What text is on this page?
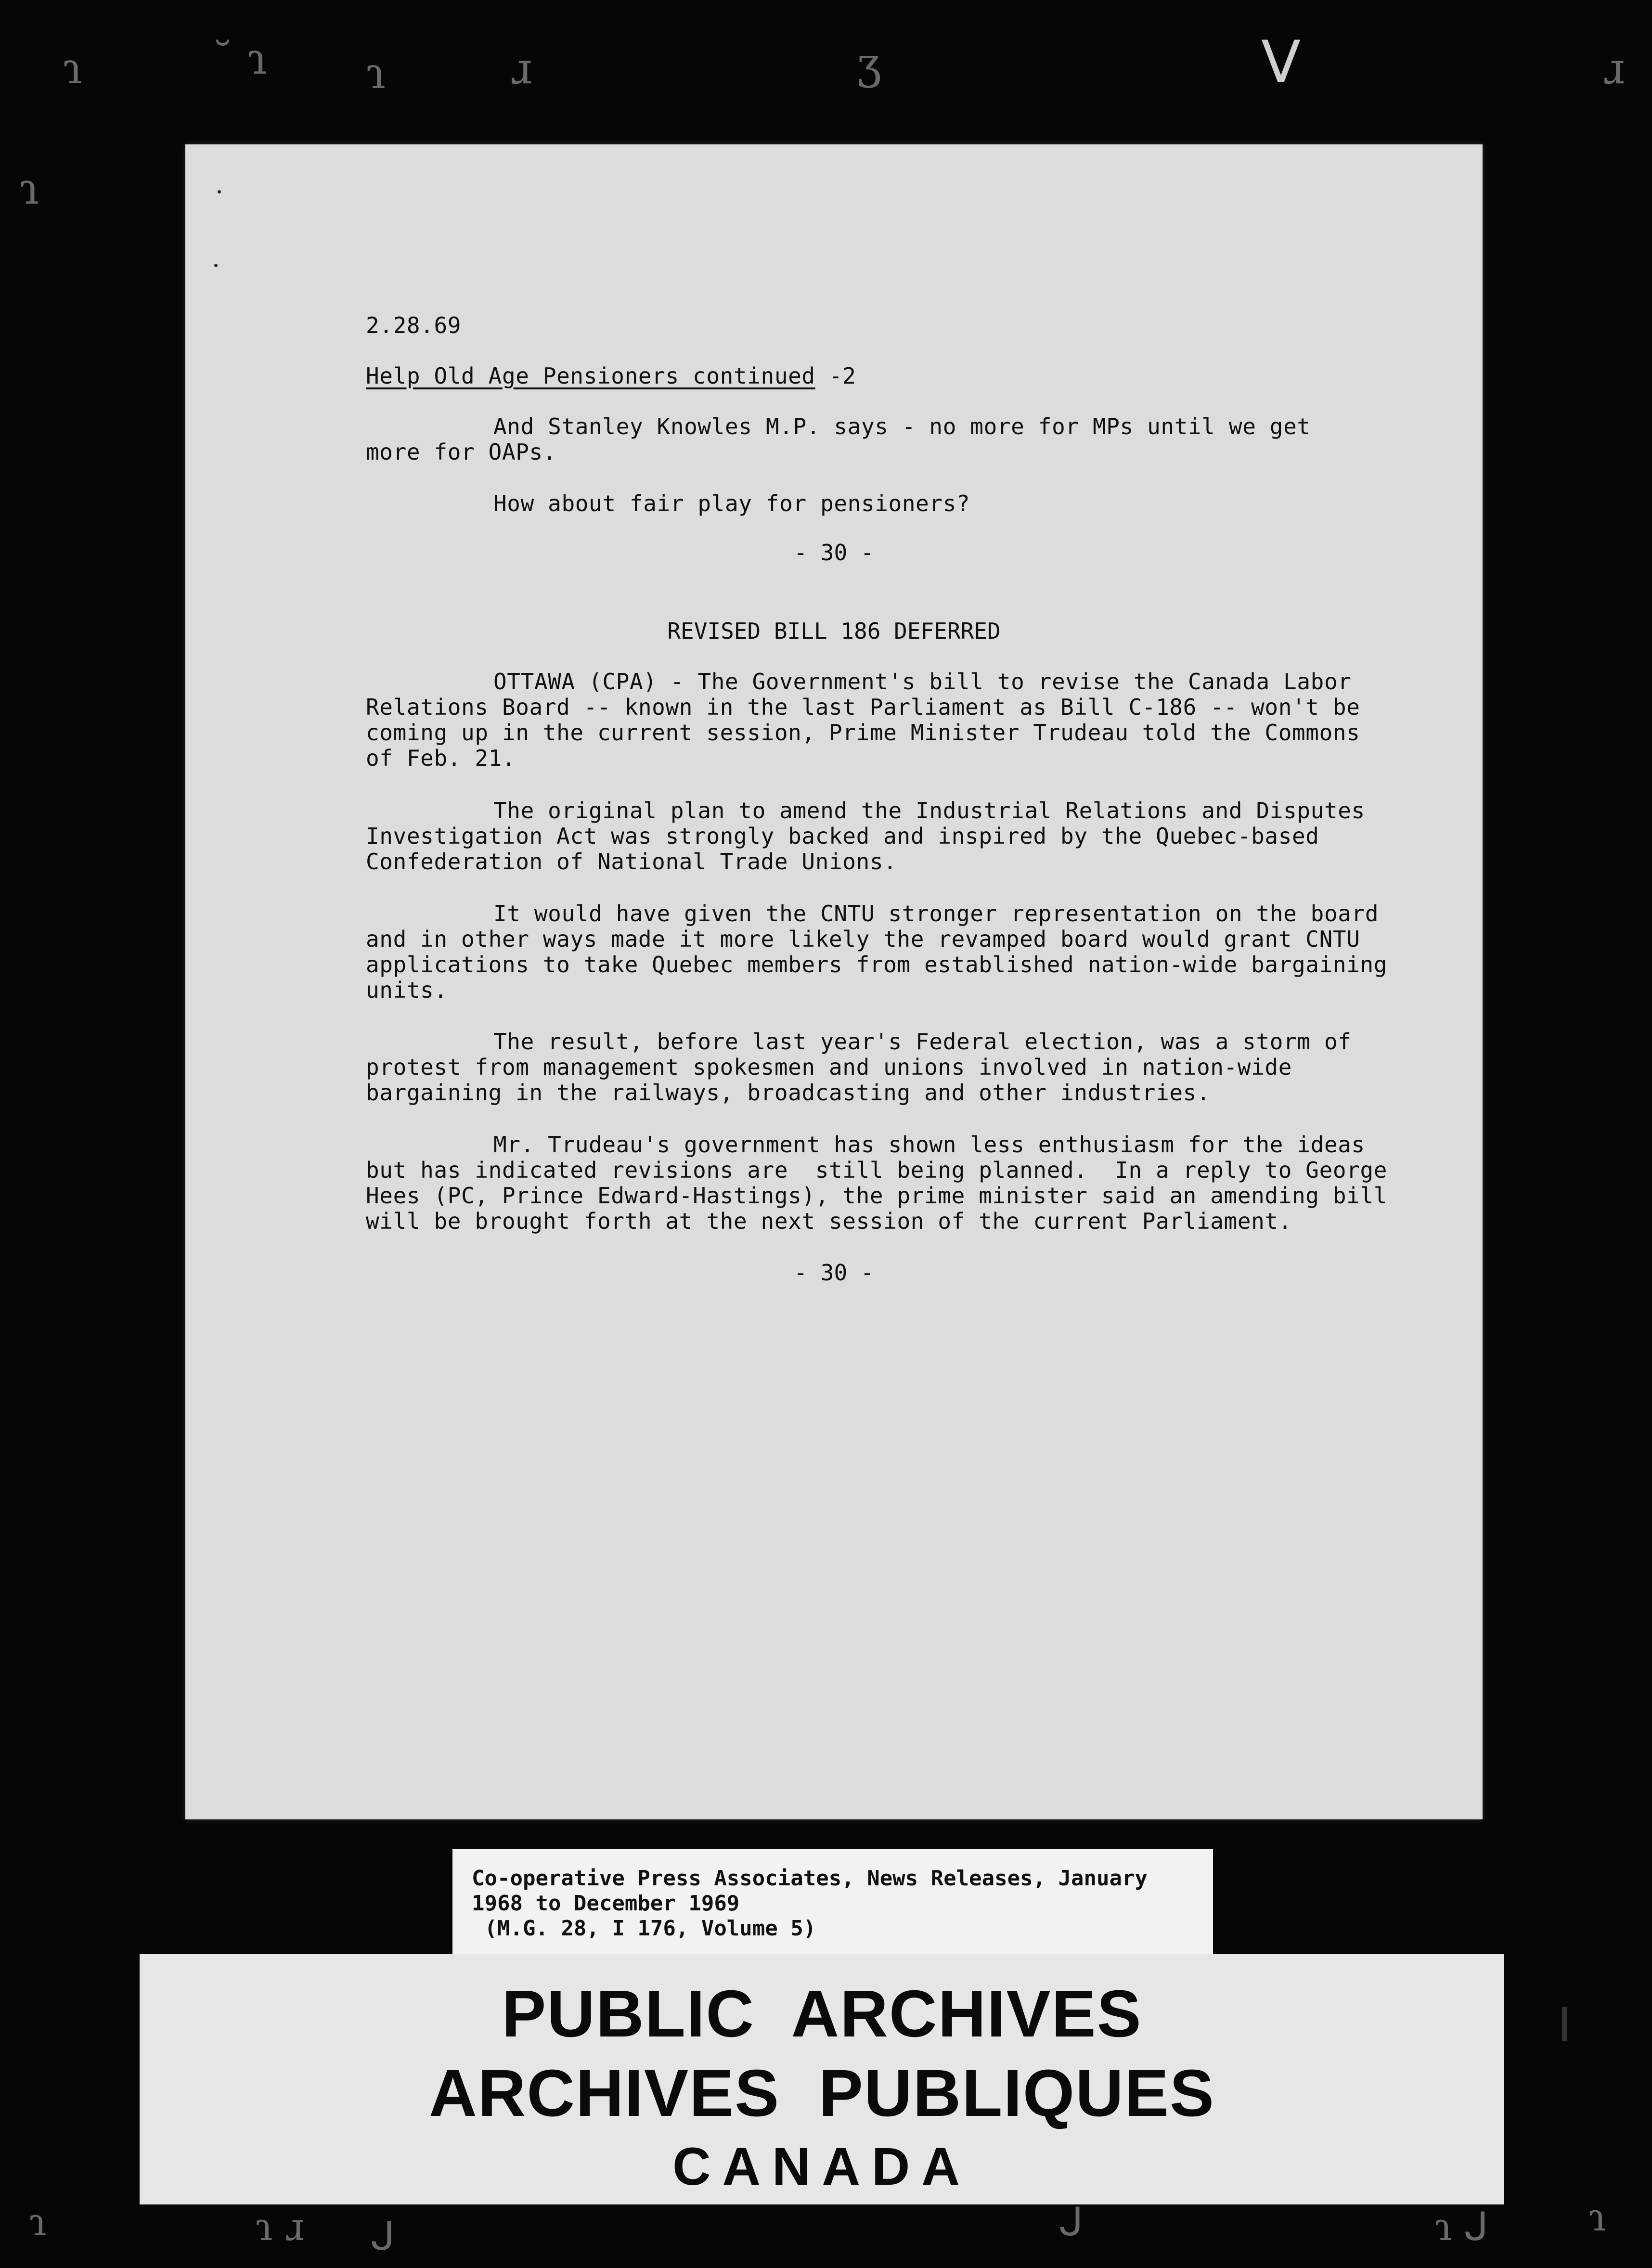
ɿ	˘ ɿ ɿ	ɹ	ʒ	ᐯ	ɹ
ɿ
2.28.69
Help Old Age Pensioners continued -2
And Stanley Knowles M.P. says - no more for MPs until we get
more for OAPs.
How about fair play for pensioners?
- 30 -
REVISED BILL 186 DEFERRED
OTTAWA (CPA) - The Government's bill to revise the Canada Labor
Relations Board -- known in the last Parliament as Bill C-186 -- won't be
coming up in the current session, Prime Minister Trudeau told the Commons
of Feb. 21.
The original plan to amend the Industrial Relations and Disputes
Investigation Act was strongly backed and inspired by the Quebec-based
Confederation of National Trade Unions.
It would have given the CNTU stronger representation on the board
and in other ways made it more likely the revamped board would grant CNTU
applications to take Quebec members from established nation-wide bargaining
units.
The result, before last year's Federal election, was a storm of
protest from management spokesmen and unions involved in nation-wide
bargaining in the railways, broadcasting and other industries.
Mr. Trudeau's government has shown less enthusiasm for the ideas
but has indicated revisions are  still being planned.  In a reply to George
Hees (PC, Prince Edward-Hastings), the prime minister said an amending bill
will be brought forth at the next session of the current Parliament.
- 30 -
Co-operative Press Associates, News Releases, January
1968 to December 1969
(M.G. 28, I 176, Volume 5)
PUBLIC  ARCHIVES
ARCHIVES  PUBLIQUES
CANADA
ɿ	ɿ ɹ ᒍ	ᒍ	ɿ ᒍ	ɿ
